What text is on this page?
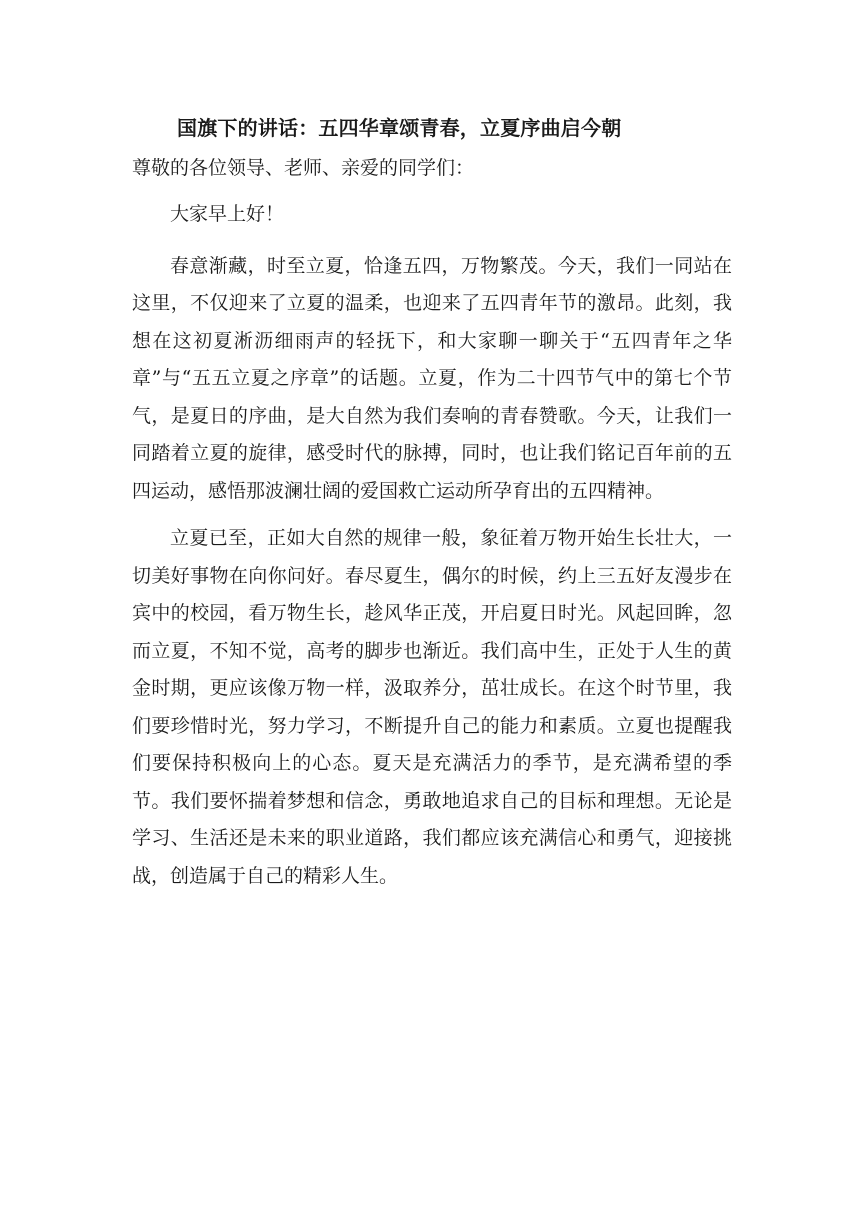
国旗下的讲话：五四华章颂青春，立夏序曲启今朝

尊敬的各位领导、老师、亲爱的同学们：

大家早上好！

春意渐藏，时至立夏，恰逢五四，万物繁茂。今天，我们一同站在这里，不仅迎来了立夏的温柔，也迎来了五四青年节的激昂。此刻，我想在这初夏淅沥细雨声的轻抚下，和大家聊一聊关于“五四青年之华章”与“五五立夏之序章”的话题。立夏，作为二十四节气中的第七个节气，是夏日的序曲，是大自然为我们奏响的青春赞歌。今天，让我们一同踏着立夏的旋律，感受时代的脉搏，同时，也让我们铭记百年前的五四运动，感悟那波澜壮阔的爱国救亡运动所孕育出的五四精神。

立夏已至，正如大自然的规律一般，象征着万物开始生长壮大，一切美好事物在向你问好。春尽夏生，偶尔的时候，约上三五好友漫步在宾中的校园，看万物生长，趁风华正茂，开启夏日时光。风起回眸，忽而立夏，不知不觉，高考的脚步也渐近。我们高中生，正处于人生的黄金时期，更应该像万物一样，汲取养分，茁壮成长。在这个时节里，我们要珍惜时光，努力学习，不断提升自己的能力和素质。立夏也提醒我们要保持积极向上的心态。夏天是充满活力的季节，是充满希望的季节。我们要怀揣着梦想和信念，勇敢地追求自己的目标和理想。无论是学习、生活还是未来的职业道路，我们都应该充满信心和勇气，迎接挑战，创造属于自己的精彩人生。
